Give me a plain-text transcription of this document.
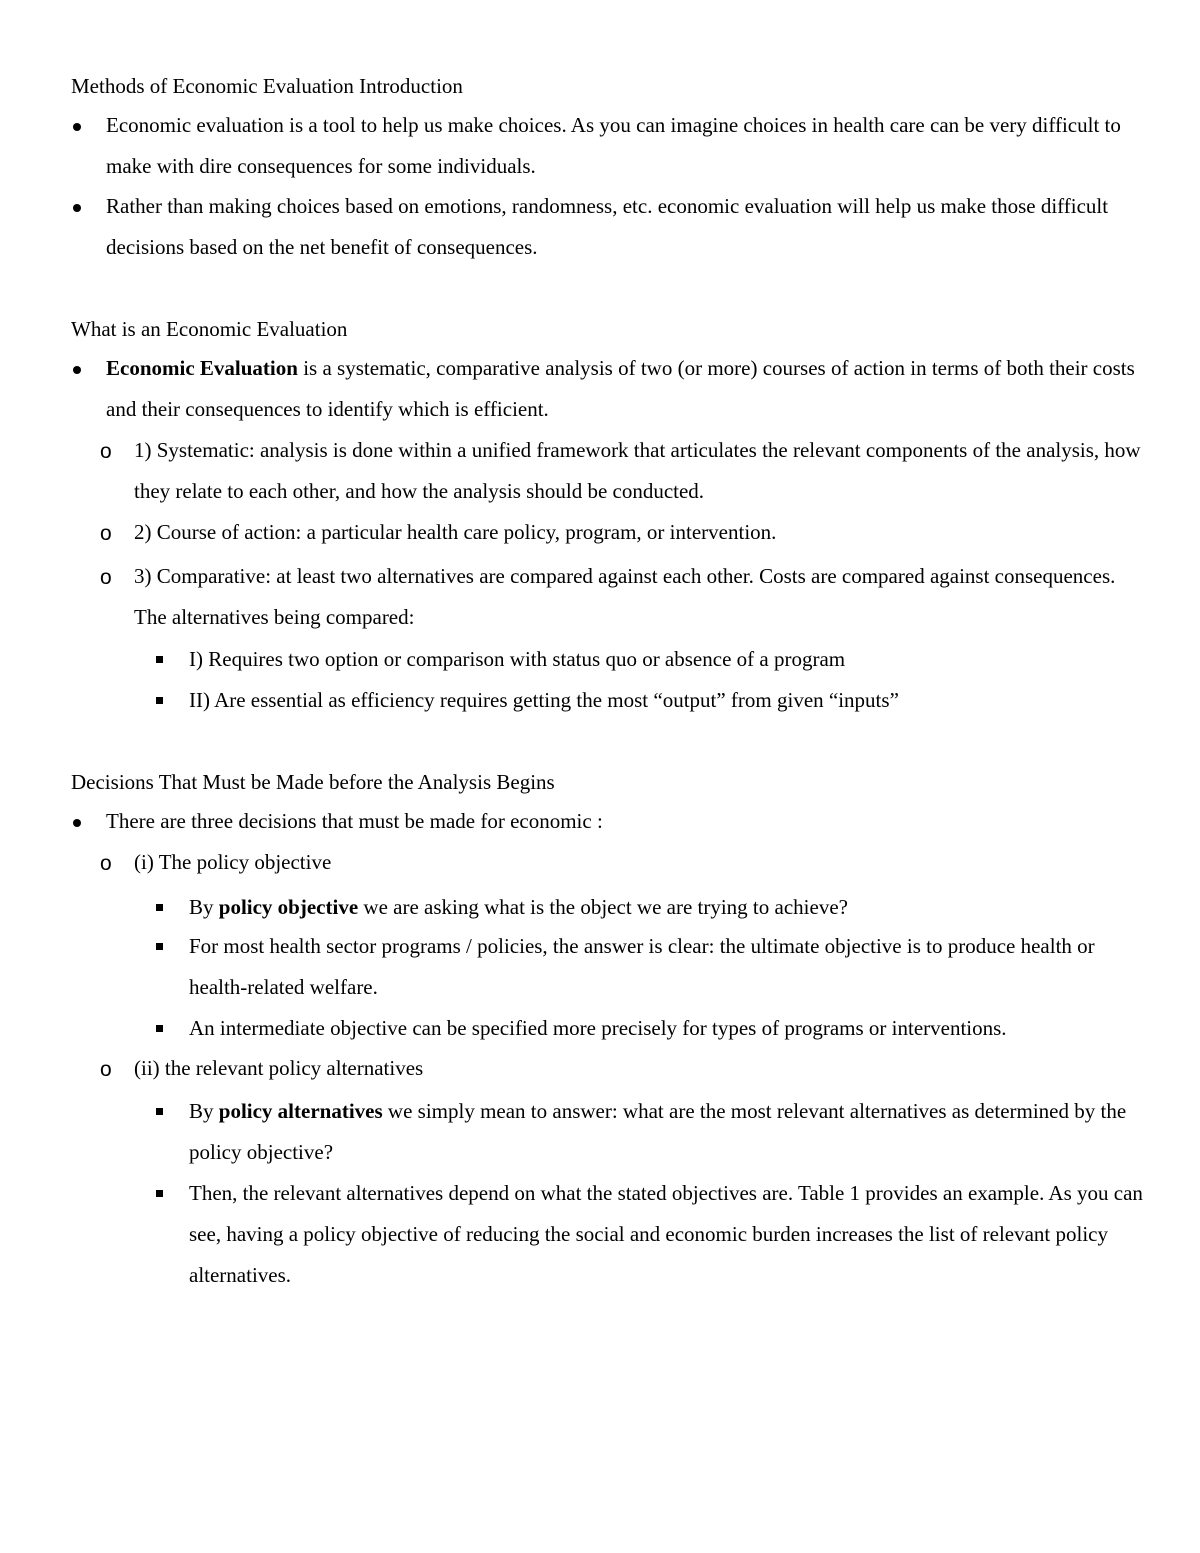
Methods of Economic Evaluation Introduction
Economic evaluation is a tool to help us make choices. As you can imagine choices in health care can be very difficult to make with dire consequences for some individuals.
Rather than making choices based on emotions, randomness, etc. economic evaluation will help us make those difficult decisions based on the net benefit of consequences.
What is an Economic Evaluation
Economic Evaluation is a systematic, comparative analysis of two (or more) courses of action in terms of both their costs and their consequences to identify which is efficient.
o 1) Systematic: analysis is done within a unified framework that articulates the relevant components of the analysis, how they relate to each other, and how the analysis should be conducted.
o 2) Course of action: a particular health care policy, program, or intervention.
o 3) Comparative: at least two alternatives are compared against each other. Costs are compared against consequences. The alternatives being compared:
I) Requires two option or comparison with status quo or absence of a program
II) Are essential as efficiency requires getting the most “output” from given “inputs”
Decisions That Must be Made before the Analysis Begins
There are three decisions that must be made for economic :
o (i) The policy objective
By policy objective we are asking what is the object we are trying to achieve?
For most health sector programs / policies, the answer is clear: the ultimate objective is to produce health or health-related welfare.
An intermediate objective can be specified more precisely for types of programs or interventions.
o (ii) the relevant policy alternatives
By policy alternatives we simply mean to answer: what are the most relevant alternatives as determined by the policy objective?
Then, the relevant alternatives depend on what the stated objectives are. Table 1 provides an example. As you can see, having a policy objective of reducing the social and economic burden increases the list of relevant policy alternatives.
